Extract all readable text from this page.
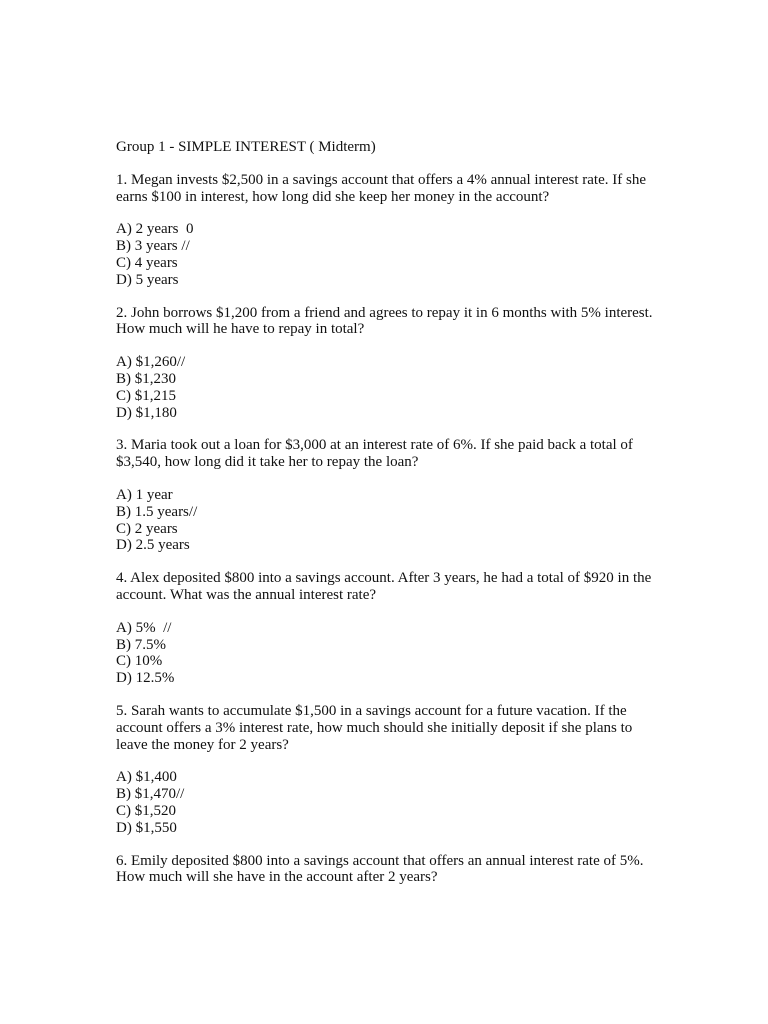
Group 1 - SIMPLE INTEREST ( Midterm)
1. Megan invests $2,500 in a savings account that offers a 4% annual interest rate. If she earns $100 in interest, how long did she keep her money in the account?
A) 2 years  0
B) 3 years //
C) 4 years
D) 5 years
2. John borrows $1,200 from a friend and agrees to repay it in 6 months with 5% interest. How much will he have to repay in total?
A) $1,260//
B) $1,230
C) $1,215
D) $1,180
3. Maria took out a loan for $3,000 at an interest rate of 6%. If she paid back a total of $3,540, how long did it take her to repay the loan?
A) 1 year
B) 1.5 years//
C) 2 years
D) 2.5 years
4. Alex deposited $800 into a savings account. After 3 years, he had a total of $920 in the account. What was the annual interest rate?
A) 5%  //
B) 7.5%
C) 10%
D) 12.5%
5. Sarah wants to accumulate $1,500 in a savings account for a future vacation. If the account offers a 3% interest rate, how much should she initially deposit if she plans to leave the money for 2 years?
A) $1,400
B) $1,470//
C) $1,520
D) $1,550
6. Emily deposited $800 into a savings account that offers an annual interest rate of 5%. How much will she have in the account after 2 years?
